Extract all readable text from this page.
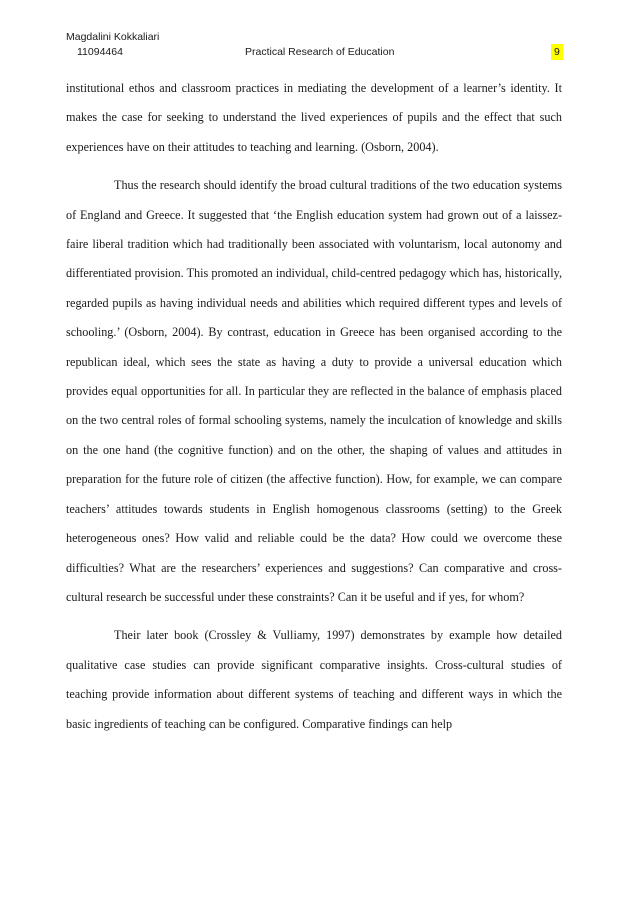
Magdalini Kokkaliari
11094464	Practical Research of Education	9

institutional ethos and classroom practices in mediating the development of a learner’s identity. It makes the case for seeking to understand the lived experiences of pupils and the effect that such experiences have on their attitudes to teaching and learning. (Osborn, 2004).

Thus the research should identify the broad cultural traditions of the two education systems of England and Greece. It suggested that ‘the English education system had grown out of a laissez-faire liberal tradition which had traditionally been associated with voluntarism, local autonomy and differentiated provision. This promoted an individual, child-centred pedagogy which has, historically, regarded pupils as having individual needs and abilities which required different types and levels of schooling.’ (Osborn, 2004). By contrast, education in Greece has been organised according to the republican ideal, which sees the state as having a duty to provide a universal education which provides equal opportunities for all. In particular they are reflected in the balance of emphasis placed on the two central roles of formal schooling systems, namely the inculcation of knowledge and skills on the one hand (the cognitive function) and on the other, the shaping of values and attitudes in preparation for the future role of citizen (the affective function). How, for example, we can compare teachers’ attitudes towards students in English homogenous classrooms (setting) to the Greek heterogeneous ones? How valid and reliable could be the data? How could we overcome these difficulties? What are the researchers’ experiences and suggestions? Can comparative and cross-cultural research be successful under these constraints? Can it be useful and if yes, for whom?

Their later book (Crossley & Vulliamy, 1997) demonstrates by example how detailed qualitative case studies can provide significant comparative insights. Cross-cultural studies of teaching provide information about different systems of teaching and different ways in which the basic ingredients of teaching can be configured. Comparative findings can help
